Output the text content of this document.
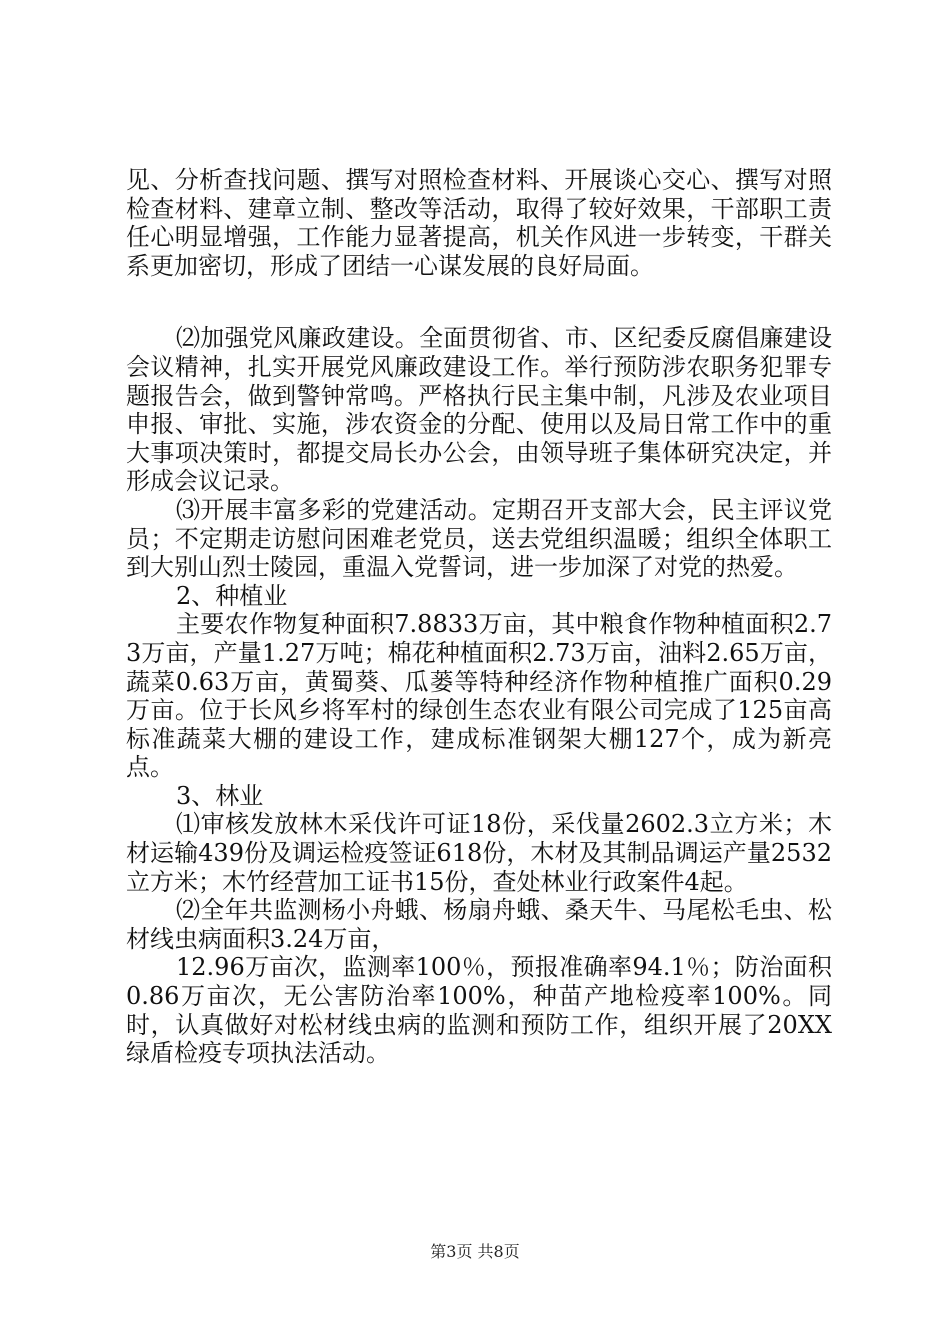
见、分析查找问题、撰写对照检查材料、开展谈心交心、撰写对照检查材料、建章立制、整改等活动，取得了较好效果，干部职工责任心明显增强，工作能力显著提高，机关作风进一步转变，干群关系更加密切，形成了团结一心谋发展的良好局面。

⑵加强党风廉政建设。全面贯彻省、市、区纪委反腐倡廉建设会议精神，扎实开展党风廉政建设工作。举行预防涉农职务犯罪专题报告会，做到警钟常鸣。严格执行民主集中制，凡涉及农业项目申报、审批、实施，涉农资金的分配、使用以及局日常工作中的重大事项决策时，都提交局长办公会，由领导班子集体研究决定，并形成会议记录。

⑶开展丰富多彩的党建活动。定期召开支部大会，民主评议党员；不定期走访慰问困难老党员，送去党组织温暖；组织全体职工到大别山烈士陵园，重温入党誓词，进一步加深了对党的热爱。

2、种植业

主要农作物复种面积7.8833万亩，其中粮食作物种植面积2.73万亩，产量1.27万吨；棉花种植面积2.73万亩，油料2.65万亩，蔬菜0.63万亩，黄蜀葵、瓜蒌等特种经济作物种植推广面积0.29万亩。位于长风乡将军村的绿创生态农业有限公司完成了125亩高标准蔬菜大棚的建设工作，建成标准钢架大棚127个，成为新亮点。

3、林业

⑴审核发放林木采伐许可证18份，采伐量2602.3立方米；木材运输439份及调运检疫签证618份，木材及其制品调运产量2532立方米；木竹经营加工证书15份，查处林业行政案件4起。

⑵全年共监测杨小舟蛾、杨扇舟蛾、桑天牛、马尾松毛虫、松材线虫病面积3.24万亩，

12.96万亩次，监测率100％，预报准确率94.1％；防治面积0.86万亩次，无公害防治率100%，种苗产地检疫率100%。同时，认真做好对松材线虫病的监测和预防工作，组织开展了20XX绿盾检疫专项执法活动。

第3页 共8页
